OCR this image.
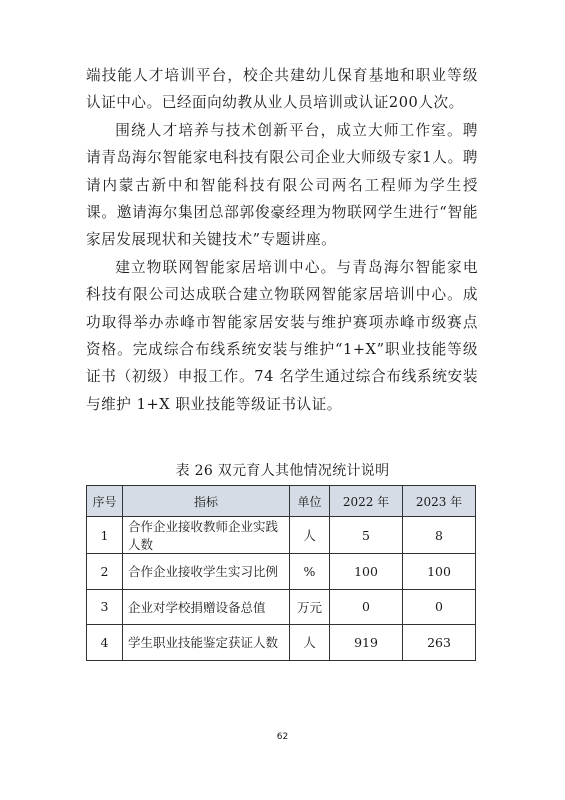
端技能人才培训平台，校企共建幼儿保育基地和职业等级认证中心。已经面向幼教从业人员培训或认证200人次。

围绕人才培养与技术创新平台，成立大师工作室。聘请青岛海尔智能家电科技有限公司企业大师级专家1人。聘请内蒙古新中和智能科技有限公司两名工程师为学生授课。邀请海尔集团总部郭俊豪经理为物联网学生进行“智能家居发展现状和关键技术”专题讲座。

建立物联网智能家居培训中心。与青岛海尔智能家电科技有限公司达成联合建立物联网智能家居培训中心。成功取得举办赤峰市智能家居安装与维护赛项赤峰市级赛点资格。完成综合布线系统安装与维护“1+X”职业技能等级证书（初级）申报工作。74 名学生通过综合布线系统安装与维护 1+X 职业技能等级证书认证。

表 26 双元育人其他情况统计说明
序号	指标	单位	2022 年	2023 年
1	合作企业接收教师企业实践人数	人	5	8
2	合作企业接收学生实习比例	%	100	100
3	企业对学校捐赠设备总值	万元	0	0
4	学生职业技能鉴定获证人数	人	919	263
62
